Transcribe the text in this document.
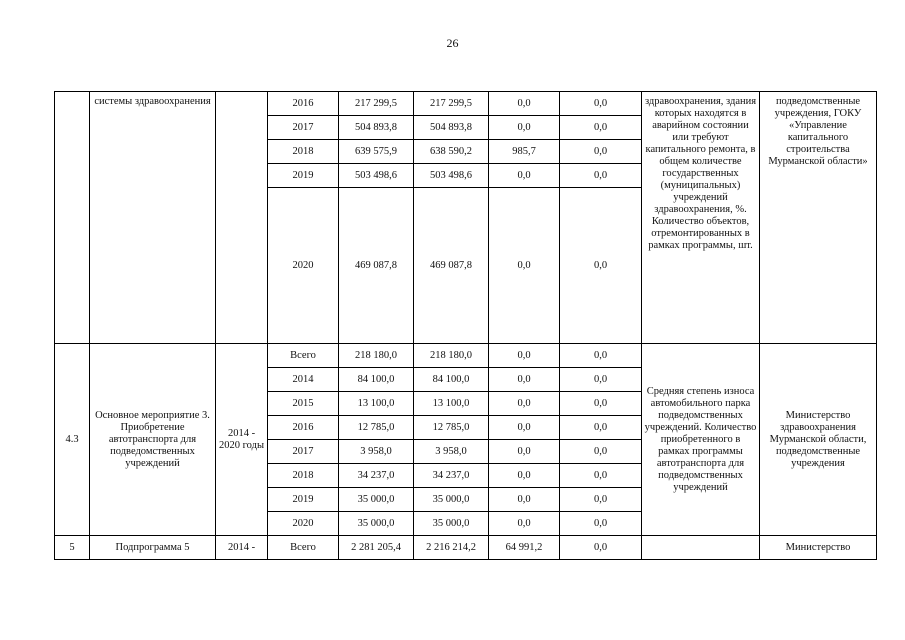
26
	системы здравоохранения		2016	217 299,5	217 299,5	0,0	0,0	здравоохранения, здания которых находятся в аварийном состоянии или требуют капитального ремонта, в общем количестве государственных (муниципальных) учреждений здравоохранения, %. Количество объектов, отремонтированных в рамках программы, шт.	подведомственные учреждения, ГОКУ «Управление капитального строительства Мурманской области»
			2017	504 893,8	504 893,8	0,0	0,0		
			2018	639 575,9	638 590,2	985,7	0,0		
			2019	503 498,6	503 498,6	0,0	0,0		
			2020	469 087,8	469 087,8	0,0	0,0		
4.3	Основное мероприятие 3. Приобретение автотранспорта для подведомственных учреждений	2014 - 2020 годы	Всего	218 180,0	218 180,0	0,0	0,0	Средняя степень износа автомобильного парка подведомственных учреждений. Количество приобретенного в рамках программы автотранспорта для подведомственных учреждений	Министерство здравоохранения Мурманской области, подведомственные учреждения
			2014	84 100,0	84 100,0	0,0	0,0		
			2015	13 100,0	13 100,0	0,0	0,0		
			2016	12 785,0	12 785,0	0,0	0,0		
			2017	3 958,0	3 958,0	0,0	0,0		
			2018	34 237,0	34 237,0	0,0	0,0		
			2019	35 000,0	35 000,0	0,0	0,0		
			2020	35 000,0	35 000,0	0,0	0,0		
5	Подпрограмма 5	2014 -	Всего	2 281 205,4	2 216 214,2	64 991,2	0,0		Министерство
